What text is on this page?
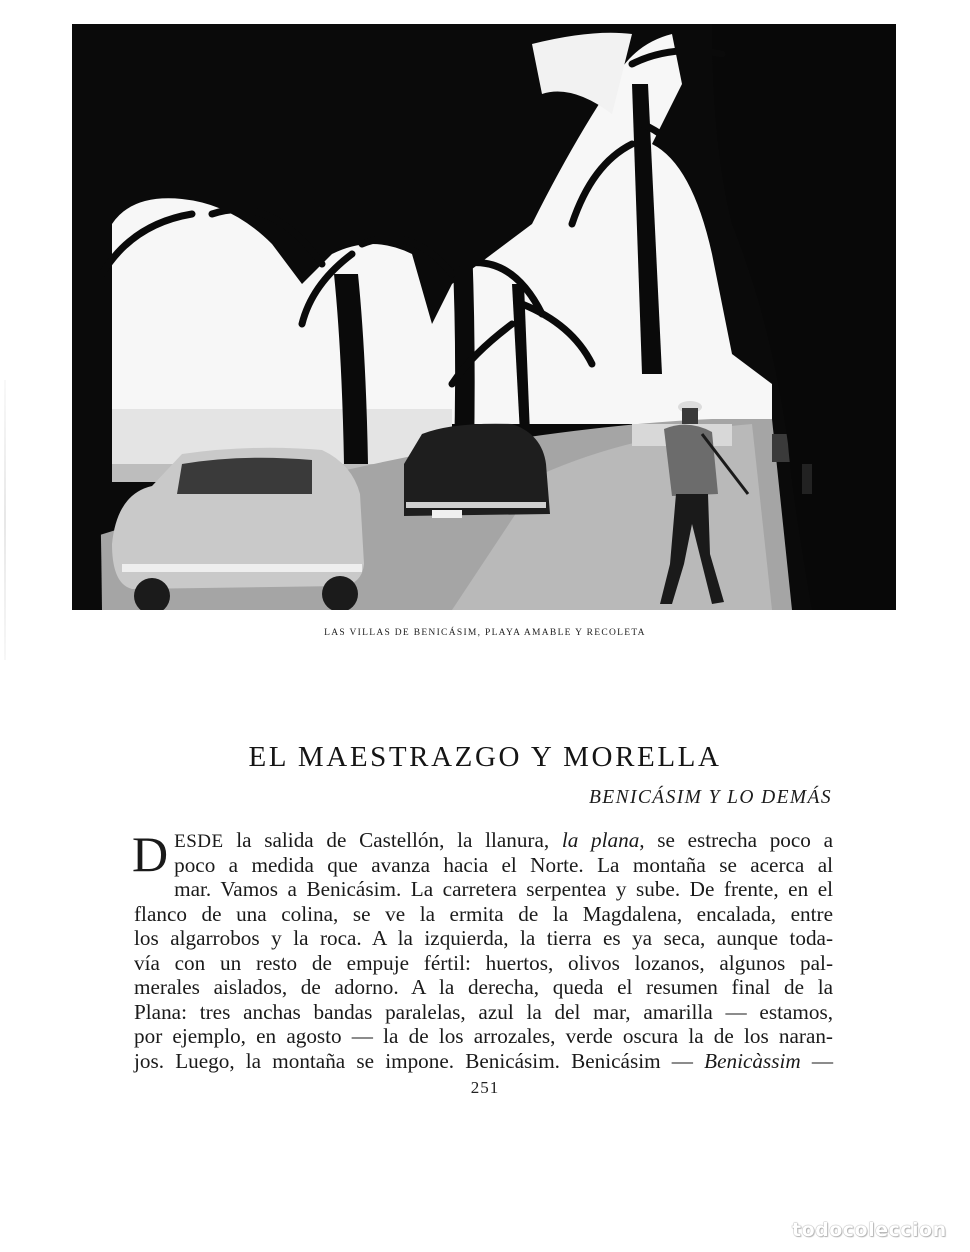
LAS VILLAS DE BENICÁSIM, PLAYA AMABLE Y RECOLETA
EL MAESTRAZGO Y MORELLA
BENICÁSIM Y LO DEMÁS
D ESDE la salida de Castellón, la llanura, la plana, se estrecha poco a
poco a medida que avanza hacia el Norte. La montaña se acerca al
mar. Vamos a Benicásim. La carretera serpentea y sube. De frente, en el
flanco de una colina, se ve la ermita de la Magdalena, encalada, entre
los algarrobos y la roca. A la izquierda, la tierra es ya seca, aunque toda-
vía con un resto de empuje fértil: huertos, olivos lozanos, algunos pal-
merales aislados, de adorno. A la derecha, queda el resumen final de la
Plana: tres anchas bandas paralelas, azul la del mar, amarilla — estamos,
por ejemplo, en agosto — la de los arrozales, verde oscura la de los naran-
jos. Luego, la montaña se impone. Benicásim. Benicásim — Benicàssim —
251
todocoleccion
